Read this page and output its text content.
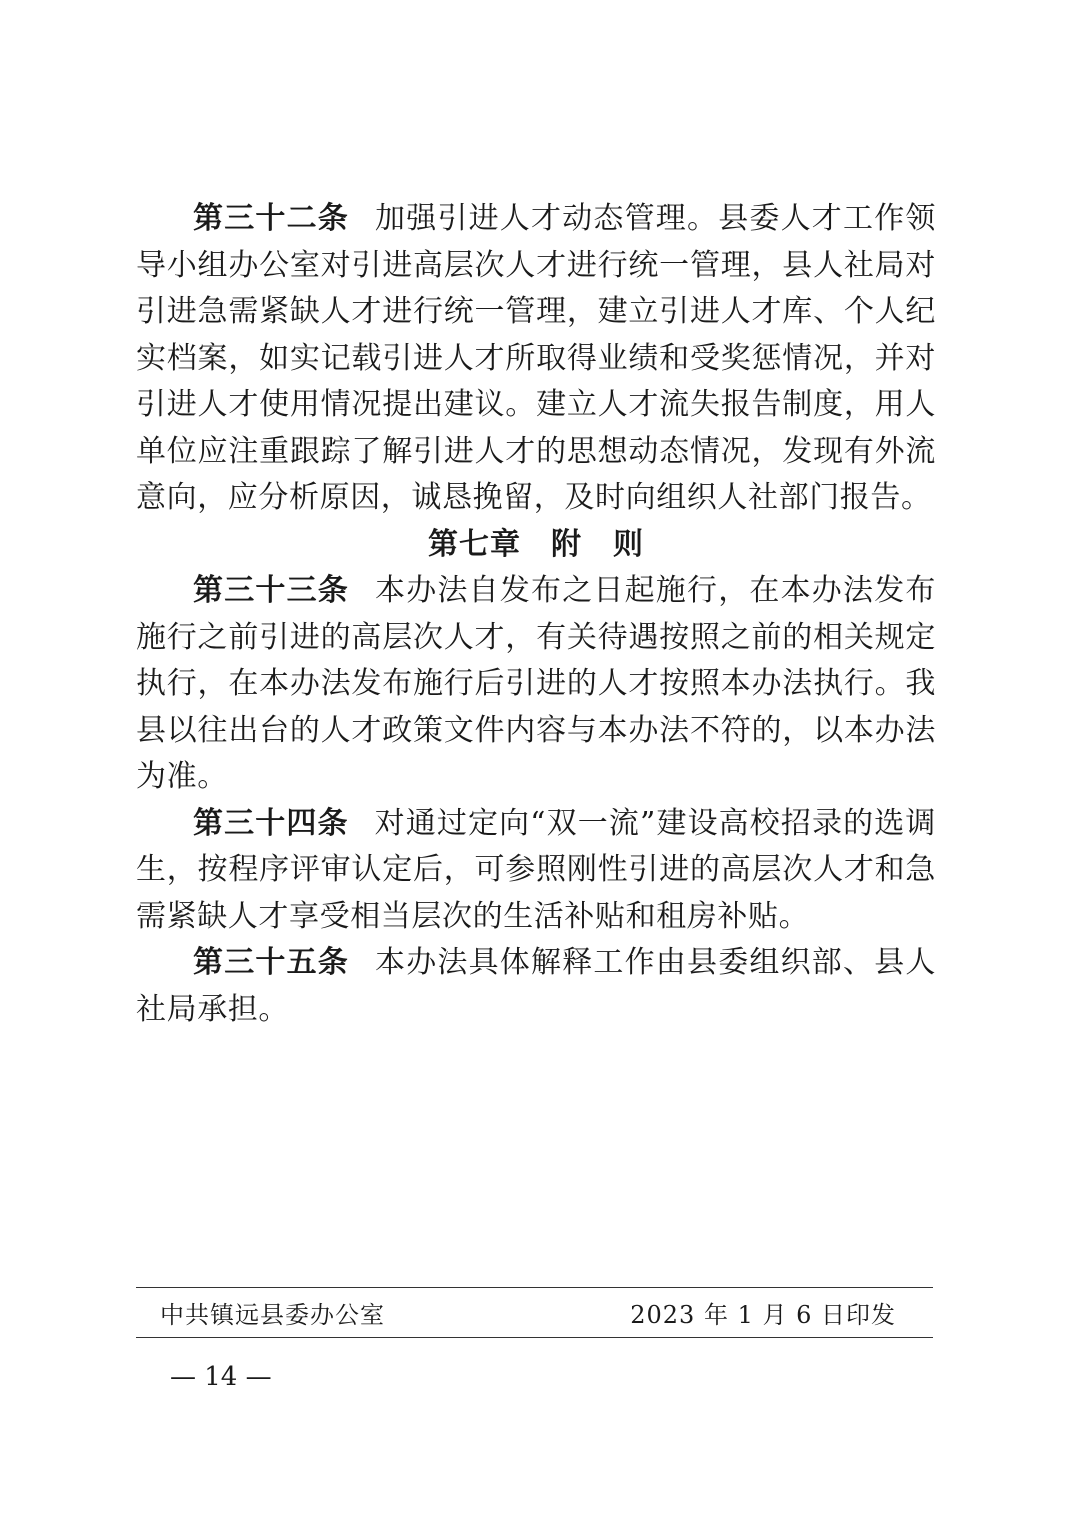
第三十二条 加强引进人才动态管理。县委人才工作领导小组办公室对引进高层次人才进行统一管理，县人社局对引进急需紧缺人才进行统一管理，建立引进人才库、个人纪实档案，如实记载引进人才所取得业绩和受奖惩情况，并对引进人才使用情况提出建议。建立人才流失报告制度，用人单位应注重跟踪了解引进人才的思想动态情况，发现有外流意向，应分析原因，诚恳挽留，及时向组织人社部门报告。

第七章 附　则

第三十三条 本办法自发布之日起施行，在本办法发布施行之前引进的高层次人才，有关待遇按照之前的相关规定执行，在本办法发布施行后引进的人才按照本办法执行。我县以往出台的人才政策文件内容与本办法不符的，以本办法为准。

第三十四条 对通过定向“双一流”建设高校招录的选调生，按程序评审认定后，可参照刚性引进的高层次人才和急需紧缺人才享受相当层次的生活补贴和租房补贴。

第三十五条 本办法具体解释工作由县委组织部、县人社局承担。

中共镇远县委办公室	2023 年 1 月 6 日印发
— 14 —
